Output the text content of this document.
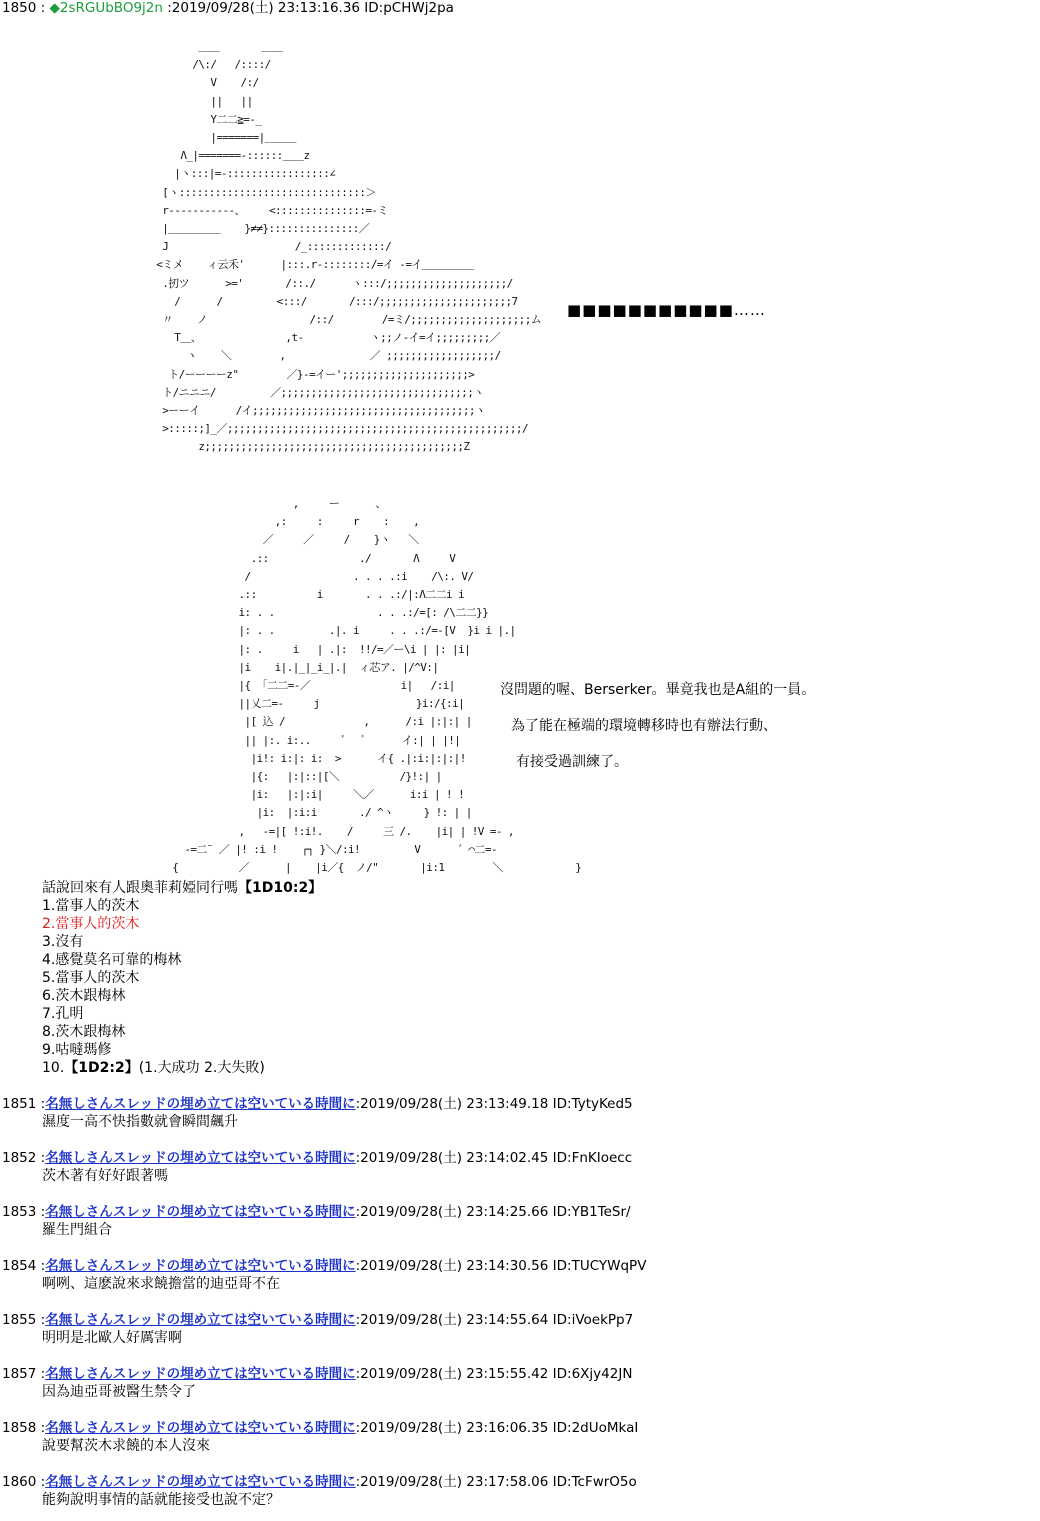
1850 : ◆2sRGUbBO9j2n :2019/09/28(土) 23:13:16.36 ID:pCHWj2pa
＿＿       ＿＿
/\:/   /::::/
V    /:/
||   ||
Y二二≧=-_
|=======|＿＿＿
Λ_|=======-::::::＿＿z
|ヽ:::|=-:::::::::::::::::∠
[ヽ:::::::::::::::::::::::::::::::＞
r-----------、    <:::::::::::::::=-ミ
|＿＿＿＿＿    }≠≠}:::::::::::::::／
J                     /_:::::::::::::/
<ミメ    ィ云禾'      |:::.r-::::::::/=イ -=イ＿＿＿＿＿
.扨ツ      >='       /::./      ヽ:::/;;;;;;;;;;;;;;;;;;;;/
/      /         <:::/       /:::/;;;;;;;;;;;;;;;;;;;;;;7
〃    ノ                 /::/        /=ミ/;;;;;;;;;;;;;;;;;;;;ム
T＿、              ,t-           ヽ;;ノ-イ=イ;;;;;;;;;／
ヽ    ＼        ,              ／ ;;;;;;;;;;;;;;;;;;/
ト/ーーーーz"        ／}-=イー';;;;;;;;;;;;;;;;;;;;;>
ト/ニニニ/         ／;;;;;;;;;;;;;;;;;;;;;;;;;;;;;;;;ヽ
>ーーイ      /イ;;;;;;;;;;;;;;;;;;;;;;;;;;;;;;;;;;;;;ヽ
>:::::;]_／;;;;;;;;;;;;;;;;;;;;;;;;;;;;;;;;;;;;;;;;;;;;;;;;;/
z;;;;;;;;;;;;;;;;;;;;;;;;;;;;;;;;;;;;;;;;;;;Z
■■■■■■■■■■■……
,     ー      、
,:     :     r    :    ,
／     ／     /    }ヽ   ＼
.::               ./       Λ     V
/                 . . . .:i    /\:. V/
.::          i       . . .:/|:Λ二二i i
i: . .                 . . .:/=[: /\二二}}
|: . .         .|. i     . . .:/=-[V  }i i |.|
|: .     i   | .|:  !!/=／ー\i | |: |i|
|i    i|.|_|_i_|.|  ィ芯ア. |/^V:|
|{ 「二二=-／               i|   /:i|
||乂二=-     j                }i:/{:i|
|[ 込 /             ,      /:i |:|:| |
|| |:. i:..     ﾞ   ﾞ      イ:| | |!|
|i!: i:|: i:  >      イ{ .|:i:|:|:|!
|{:   |:|::|[＼          /}!:| |
|i:   |:|:i|     ＼／      i:i | ! !
|i:  |:i:i       ./ ^ヽ     } !: | |
,   -=|[ !:i!.    /     三 /.    |i| | !V =- ,
-=二¨ ／ |! :i !    ┌┐ }＼/:i!         V      ´ ⌒二=-
{          ／      |    |i／{  ノ/"       |i:1        ＼            }
沒問題的喔、Berserker。畢竟我也是A組的一員。
為了能在極端的環境轉移時也有辦法行動、
有接受過訓練了。
話說回來有人跟奧菲莉婭同行嗎【1D10:2】
1.當事人的茨木
2.當事人的茨木
3.沒有
4.感覺莫名可靠的梅林
5.當事人的茨木
6.茨木跟梅林
7.孔明
8.茨木跟梅林
9.咕噠瑪修
10.【1D2:2】(1.大成功 2.大失敗)
1851 :名無しさんスレッドの埋め立ては空いている時間に:2019/09/28(土) 23:13:49.18 ID:TytyKed5
濕度一高不快指數就會瞬間飆升
1852 :名無しさんスレッドの埋め立ては空いている時間に:2019/09/28(土) 23:14:02.45 ID:FnKIoecc
茨木著有好好跟著嗎
1853 :名無しさんスレッドの埋め立ては空いている時間に:2019/09/28(土) 23:14:25.66 ID:YB1TeSr/
羅生門組合
1854 :名無しさんスレッドの埋め立ては空いている時間に:2019/09/28(土) 23:14:30.56 ID:TUCYWqPV
啊咧、這麽說來求饒擔當的迪亞哥不在
1855 :名無しさんスレッドの埋め立ては空いている時間に:2019/09/28(土) 23:14:55.64 ID:iVoekPp7
明明是北歐人好厲害啊
1857 :名無しさんスレッドの埋め立ては空いている時間に:2019/09/28(土) 23:15:55.42 ID:6Xjy42JN
因為迪亞哥被醫生禁令了
1858 :名無しさんスレッドの埋め立ては空いている時間に:2019/09/28(土) 23:16:06.35 ID:2dUoMkaI
說要幫茨木求饒的本人沒來
1860 :名無しさんスレッドの埋め立ては空いている時間に:2019/09/28(土) 23:17:58.06 ID:TcFwrO5o
能夠說明事情的話就能接受也說不定？
